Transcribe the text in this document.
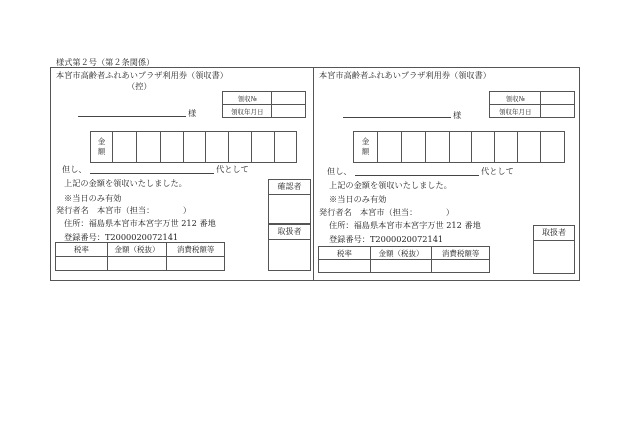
様式第２号（第２条関係）
本宮市高齢者ふれあいプラザ利用券（領収書）
（控）
領収№	
領収年月日	
様
金額								
但し、	代として
上記の金額を領収いたしました。
※当日のみ有効
発行者名　本宮市（担当：　　　　）
住所：福島県本宮市本宮字万世 212 番地
登録番号：T2000020072141
税率	金額（税抜）	消費税額等

確認者
取扱者
本宮市高齢者ふれあいプラザ利用券（領収書）
領収№	
領収年月日	
様
金額								
但し、	代として
上記の金額を領収いたしました。
※当日のみ有効
発行者名　本宮市（担当：　　　　）
住所：福島県本宮市本宮字万世 212 番地
登録番号：T2000020072141
税率	金額（税抜）	消費税額等

取扱者
